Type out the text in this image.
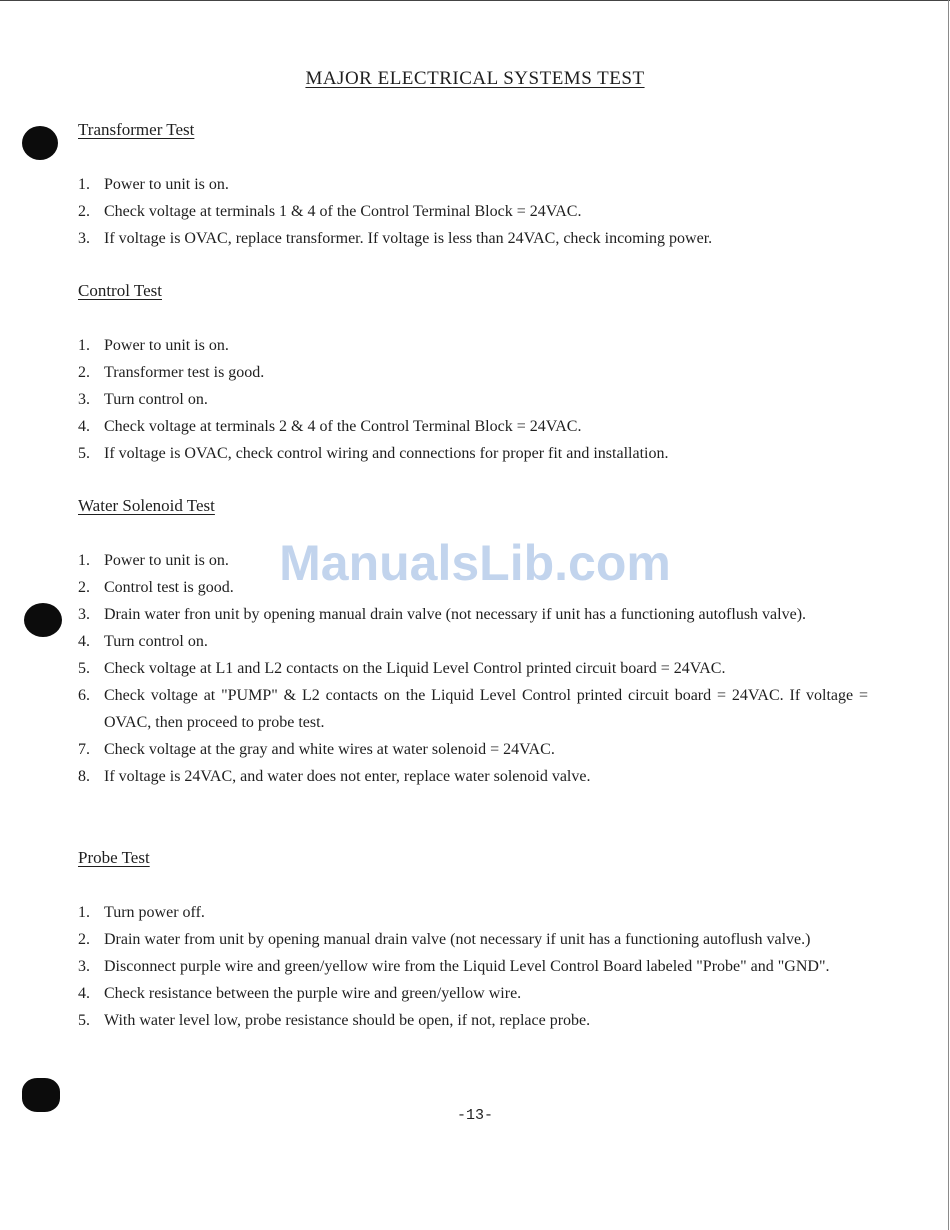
MAJOR ELECTRICAL SYSTEMS TEST
Transformer Test
1. Power to unit is on.
2. Check voltage at terminals 1 & 4 of the Control Terminal Block = 24VAC.
3. If voltage is OVAC, replace transformer. If voltage is less than 24VAC, check incoming power.
Control Test
1. Power to unit is on.
2. Transformer test is good.
3. Turn control on.
4. Check voltage at terminals 2 & 4 of the Control Terminal Block = 24VAC.
5. If voltage is OVAC, check control wiring and connections for proper fit and installation.
Water Solenoid Test
1. Power to unit is on.
2. Control test is good.
3. Drain water fron unit by opening manual drain valve (not necessary if unit has a functioning autoflush valve).
4. Turn control on.
5. Check voltage at L1 and L2 contacts on the Liquid Level Control printed circuit board = 24VAC.
6. Check voltage at "PUMP" & L2 contacts on the Liquid Level Control printed circuit board = 24VAC. If voltage = OVAC, then proceed to probe test.
7. Check voltage at the gray and white wires at water solenoid = 24VAC.
8. If voltage is 24VAC, and water does not enter, replace water solenoid valve.
Probe Test
1. Turn power off.
2. Drain water from unit by opening manual drain valve (not necessary if unit has a functioning autoflush valve.)
3. Disconnect purple wire and green/yellow wire from the Liquid Level Control Board labeled "Probe" and "GND".
4. Check resistance between the purple wire and green/yellow wire.
5. With water level low, probe resistance should be open, if not, replace probe.
ManualsLib.com
-13-
